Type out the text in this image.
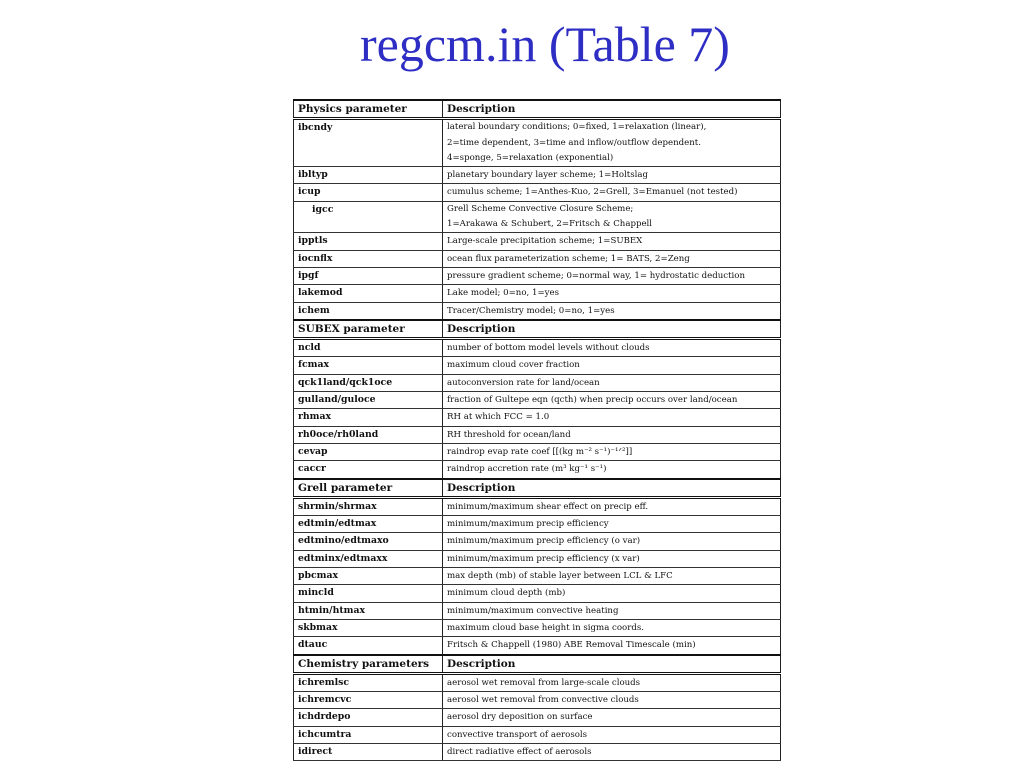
regcm.in (Table 7)
Physics parameter	Description
ibcndy	lateral boundary conditions; 0=fixed, 1=relaxation (linear),
2=time dependent, 3=time and inflow/outflow dependent.
4=sponge, 5=relaxation (exponential)

ibltyp	planetary boundary layer scheme; 1=Holtslag

icup	cumulus scheme; 1=Anthes-Kuo, 2=Grell, 3=Emanuel (not tested)

igcc	Grell Scheme Convective Closure Scheme;
1=Arakawa & Schubert, 2=Fritsch & Chappell

ipptls	Large-scale precipitation scheme; 1=SUBEX

iocnflx	ocean flux parameterization scheme; 1= BATS, 2=Zeng

ipgf	pressure gradient scheme; 0=normal way, 1= hydrostatic deduction

lakemod	Lake model; 0=no, 1=yes

ichem	Tracer/Chemistry model; 0=no, 1=yes

SUBEX parameter	Description
ncld	number of bottom model levels without clouds

fcmax	maximum cloud cover fraction

qck1land/qck1oce	autoconversion rate for land/ocean

gulland/guloce	fraction of Gultepe eqn (qcth) when precip occurs over land/ocean

rhmax	RH at which FCC = 1.0

rh0oce/rh0land	RH threshold for ocean/land

cevap	raindrop evap rate coef [[(kg m⁻² s⁻¹)⁻¹ᐟ²]]

caccr	raindrop accretion rate (m³ kg⁻¹ s⁻¹)

Grell parameter	Description
shrmin/shrmax	minimum/maximum shear effect on precip eff.

edtmin/edtmax	minimum/maximum precip efficiency

edtmino/edtmaxo	minimum/maximum precip efficiency (o var)

edtminx/edtmaxx	minimum/maximum precip efficiency (x var)

pbcmax	max depth (mb) of stable layer between LCL & LFC

mincld	minimum cloud depth (mb)

htmin/htmax	minimum/maximum convective heating

skbmax	maximum cloud base height in sigma coords.

dtauc	Fritsch & Chappell (1980) ABE Removal Timescale (min)

Chemistry parameters	Description
ichremlsc	aerosol wet removal from large-scale clouds

ichremcvc	aerosol wet removal from convective clouds

ichdrdepo	aerosol dry deposition on surface

ichcumtra	convective transport of aerosols

idirect	direct radiative effect of aerosols
